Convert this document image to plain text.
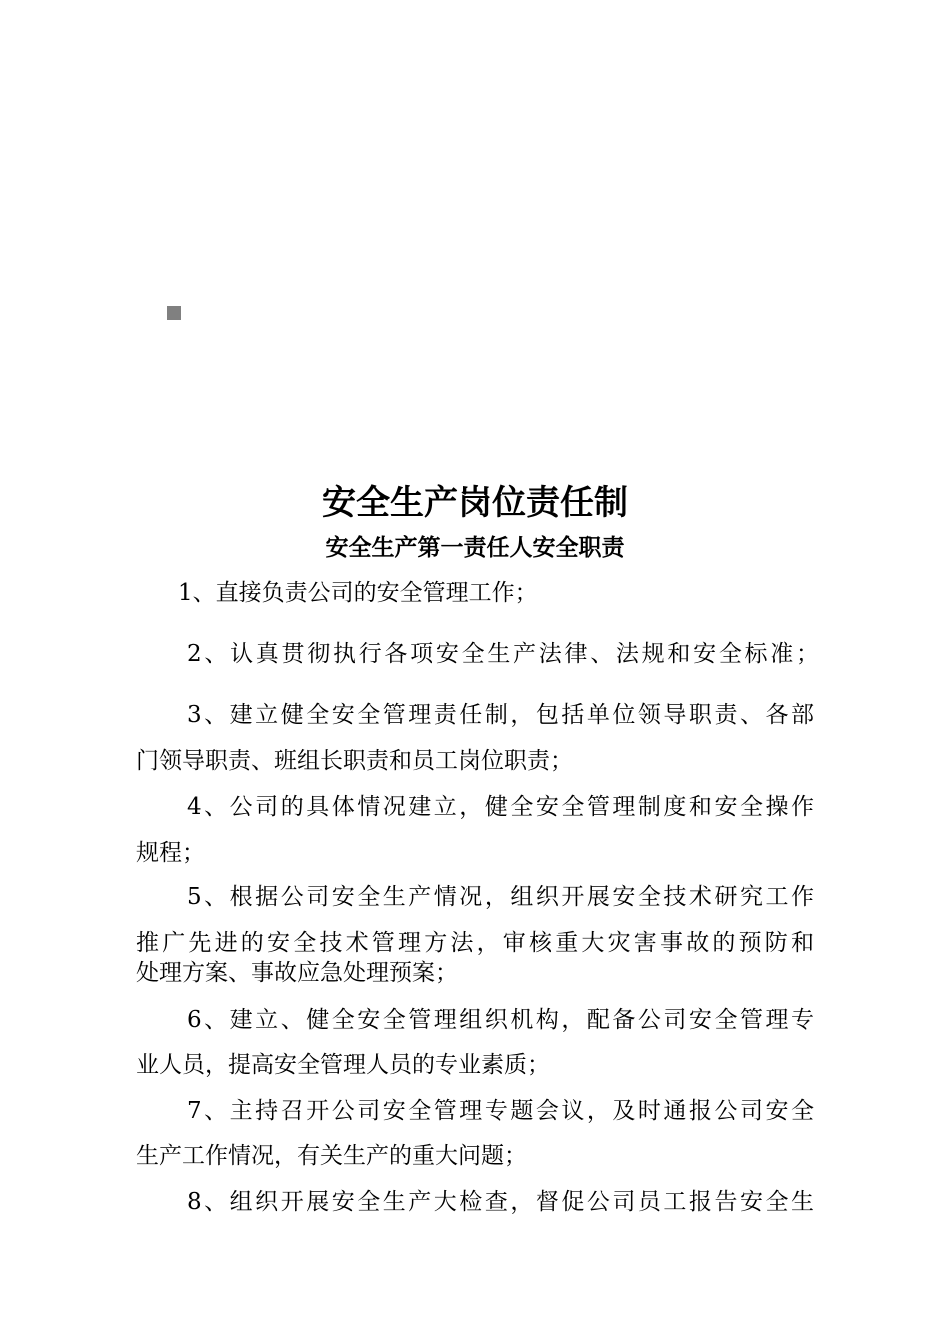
安全生产岗位责任制
安全生产第一责任人安全职责

1、直接负责公司的安全管理工作；

2、认真贯彻执行各项安全生产法律、法规和安全标准；

3、建立健全安全管理责任制，包括单位领导职责、各部

门领导职责、班组长职责和员工岗位职责；

4、公司的具体情况建立，健全安全管理制度和安全操作

规程；

5、根据公司安全生产情况，组织开展安全技术研究工作

推广先进的安全技术管理方法，审核重大灾害事故的预防和

处理方案、事故应急处理预案；

6、建立、健全安全管理组织机构，配备公司安全管理专

业人员，提高安全管理人员的专业素质；

7、主持召开公司安全管理专题会议，及时通报公司安全

生产工作情况，有关生产的重大问题；

8、组织开展安全生产大检查，督促公司员工报告安全生
